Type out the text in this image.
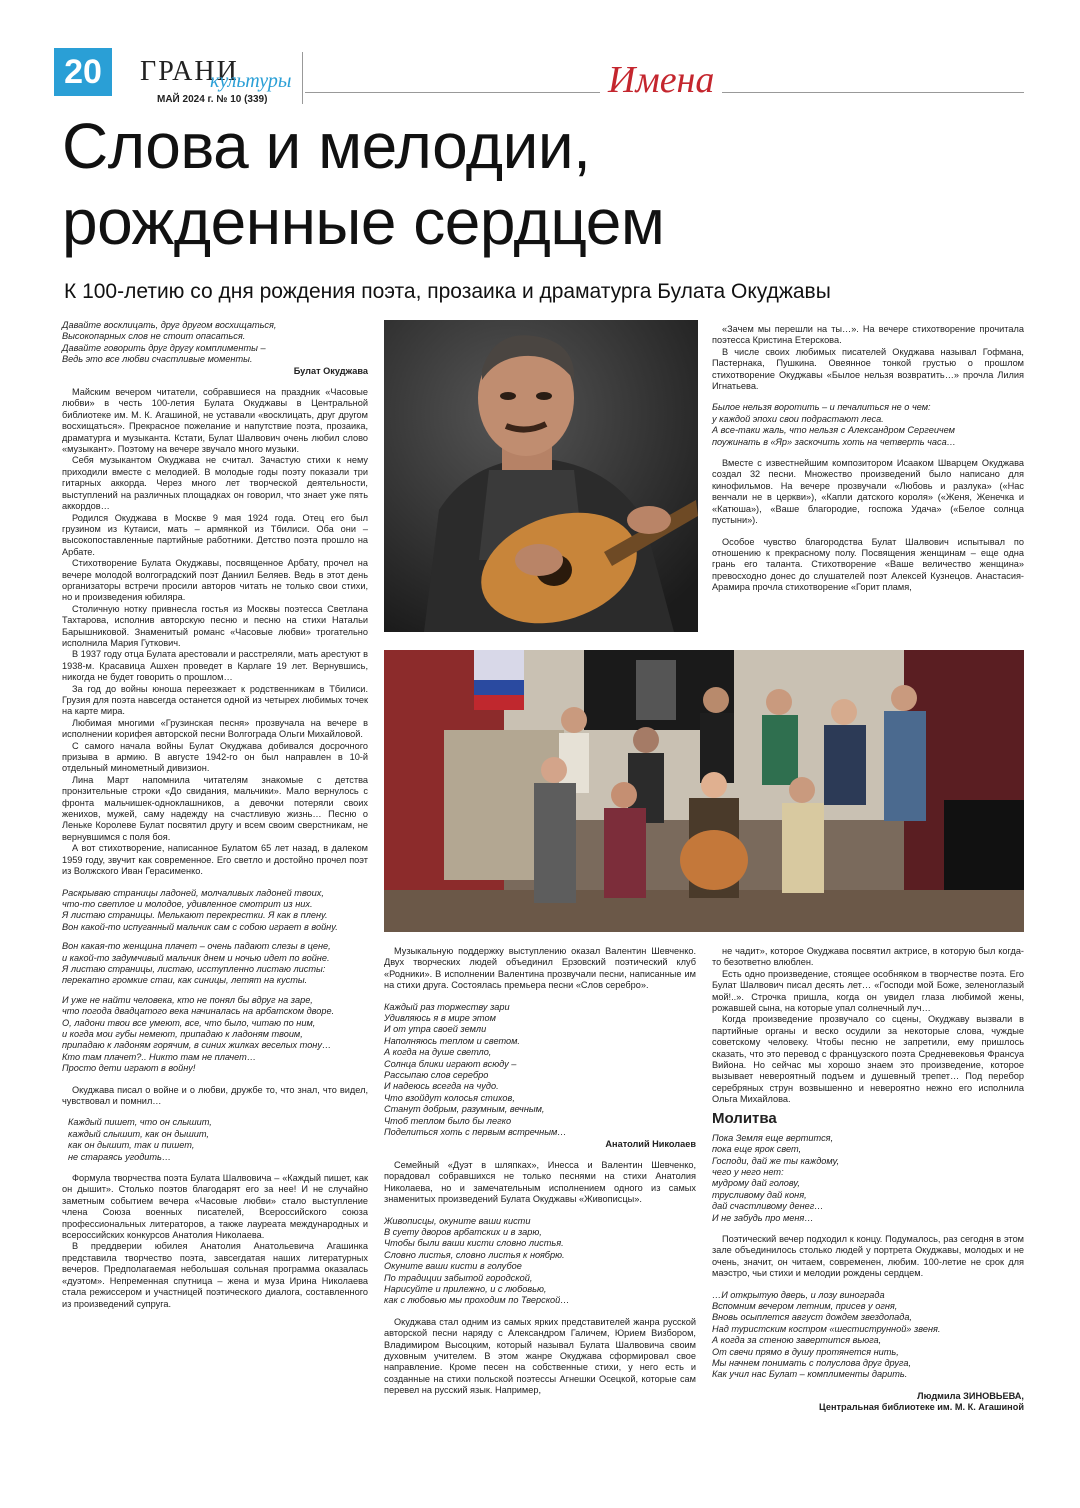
20	ГРАНИ
культуры
МАЙ 2024 г. № 10 (339)	Имена
Слова и мелодии,
рожденные сердцем
К 100-летию со дня рождения поэта, прозаика и драматурга Булата Окуджавы

Давайте восклицать, друг другом восхищаться,

Высокопарных слов не стоит опасаться.

Давайте говорить друг другу комплименты –

Ведь это все любви счастливые моменты.

Булат Окуджава

Майским вечером читатели, собравшиеся на праздник «Часовые любви» в честь 100-летия Булата Окуджавы в Центральной библиотеке им. М. К. Агашиной, не уставали «восклицать, друг другом восхищаться». Прекрасное пожелание и напутствие поэта, прозаика, драматурга и музыканта. Кстати, Булат Шалвович очень любил слово «музыкант». Поэтому на вечере звучало много музыки.

Себя музыкантом Окуджава не считал. Зачастую стихи к нему приходили вместе с мелодией. В молодые годы поэту показали три гитарных аккорда. Через много лет творческой деятельности, выступлений на различных площадках он говорил, что знает уже пять аккордов…

Родился Окуджава в Москве 9 мая 1924 года. Отец его был грузином из Кутаиси, мать – армянкой из Тбилиси. Оба они – высокопоставленные партийные работники. Детство поэта прошло на Арбате.

Стихотворение Булата Окуджавы, посвященное Арбату, прочел на вечере молодой волгоградский поэт Даниил Беляев. Ведь в этот день организаторы встречи просили авторов читать не только свои стихи, но и произведения юбиляра.

Столичную нотку привнесла гостья из Москвы поэтесса Светлана Тахтарова, исполнив авторскую песню и песню на стихи Натальи Барышниковой. Знаменитый романс «Часовые любви» трогательно исполнила Мария Гуткович.

В 1937 году отца Булата арестовали и расстреляли, мать арестуют в 1938-м. Красавица Ашхен проведет в Карлаге 19 лет. Вернувшись, никогда не будет говорить о прошлом…

За год до войны юноша переезжает к родственникам в Тбилиси. Грузия для поэта навсегда останется одной из четырех любимых точек на карте мира.

Любимая многими «Грузинская песня» прозвучала на вечере в исполнении корифея авторской песни Волгограда Ольги Михайловой.

С самого начала войны Булат Окуджава добивался досрочного призыва в армию. В августе 1942-го он был направлен в 10-й отдельный минометный дивизион.

Лина Март напомнила читателям знакомые с детства пронзительные строки «До свидания, мальчики». Мало вернулось с фронта мальчишек-одноклашников, а девочки потеряли своих женихов, мужей, саму надежду на счастливую жизнь… Песню о Леньке Королеве Булат посвятил другу и всем своим сверстникам, не вернувшимся с поля боя.

А вот стихотворение, написанное Булатом 65 лет назад, в далеком 1959 году, звучит как современное. Его светло и достойно прочел поэт из Волжского Иван Герасименко.

Раскрываю страницы ладоней, молчаливых ладоней твоих,

что-то светлое и молодое, удивленное смотрит из них.

Я листаю страницы. Мелькают перекрестки. Я как в плену.

Вон какой-то испуганный мальчик сам с собою играет в войну.

Вон какая-то женщина плачет – очень падают слезы в цене,

и какой-то задумчивый мальчик днем и ночью идет по войне.

Я листаю страницы, листаю, исступленно листаю листы:

перекатно громкие стаи, как синицы, летят на кусты.

И уже не найти человека, кто не понял бы вдруг на заре,

что погода двадцатого века начиналась на арбатском дворе.

О, ладони твои все умеют, все, что было, читаю по ним,

и когда мои губы немеют, припадаю к ладоням твоим,

припадаю к ладоням горячим, в синих жилках веселых тону…

Кто там плачет?.. Никто там не плачет…

Просто дети играют в войну!

Окуджава писал о войне и о любви, дружбе то, что знал, что видел, чувствовал и помнил…

Каждый пишет, что он слышит,

каждый слышит, как он дышит,

как он дышит, так и пишет,

не стараясь угодить…

Формула творчества поэта Булата Шалвовича – «Каждый пишет, как он дышит». Столько поэтов благодарят его за нее! И не случайно заметным событием вечера «Часовые любви» стало выступление члена Союза военных писателей, Всероссийского союза профессиональных литераторов, а также лауреата международных и всероссийских конкурсов Анатолия Николаева.

В преддверии юбилея Анатолия Анатольевича Агашинка представила творчество поэта, завсегдатая наших литературных вечеров. Предполагаемая небольшая сольная программа оказалась «дуэтом». Непременная спутница – жена и муза Ирина Николаева стала режиссером и участницей поэтического диалога, составленного из произведений супруга.

«Зачем мы перешли на ты…». На вечере стихотворение прочитала поэтесса Кристина Етерскова.

В числе своих любимых писателей Окуджава называл Гофмана, Пастернака, Пушкина. Овеянное тонкой грустью о прошлом стихотворение Окуджавы «Былое нельзя возвратить…» прочла Лилия Игнатьева.

Былое нельзя воротить – и печалиться не о чем:

у каждой эпохи свои подрастают леса.

А все-таки жаль, что нельзя с Александром Сергеичем

поужинать в «Яр» заскочить хоть на четверть часа…

Вместе с известнейшим композитором Исааком Шварцем Окуджава создал 32 песни. Множество произведений было написано для кинофильмов. На вечере прозвучали «Любовь и разлука» («Нас венчали не в церкви»), «Капли датского короля» («Женя, Женечка и «Катюша»), «Ваше благородие, госпожа Удача» («Белое солнца пустыни»).

Особое чувство благородства Булат Шалвович испытывал по отношению к прекрасному полу. Посвящения женщинам – еще одна грань его таланта. Стихотворение «Ваше величество женщина» превосходно донес до слушателей поэт Алексей Кузнецов. Анастасия-Арамира прочла стихотворение «Горит пламя,

Музыкальную поддержку выступлению оказал Валентин Шевченко. Двух творческих людей объединил Ерзовский поэтический клуб «Родники». В исполнении Валентина прозвучали песни, написанные им на стихи друга. Состоялась премьера песни «Слов серебро».

Каждый раз торжеству зари

Удивляюсь я в мире этом

И от утра своей земли

Наполняюсь теплом и светом.

А когда на душе светло,

Солнца блики играют всюду –

Рассыпаю слов серебро

И надеюсь всегда на чудо.

Что взойдут колосья стихов,

Станут добрым, разумным, вечным,

Чтоб теплом было бы легко

Поделиться хоть с первым встречным…

Анатолий Николаев

Семейный «Дуэт в шляпках», Инесса и Валентин Шевченко, порадовал собравшихся не только песнями на стихи Анатолия Николаева, но и замечательным исполнением одного из самых знаменитых произведений Булата Окуджавы «Живописцы».

Живописцы, окуните ваши кисти

В суету дворов арбатских и в зарю,

Чтобы были ваши кисти словно листья.

Словно листья, словно листья к ноябрю.

Окуните ваши кисти в голубое

По традиции забытой городской,

Нарисуйте и прилежно, и с любовью,

как с любовью мы проходим по Тверской…

Окуджава стал одним из самых ярких представителей жанра русской авторской песни наряду с Александром Галичем, Юрием Визбором, Владимиром Высоцким, который называл Булата Шалвовича своим духовным учителем. В этом жанре Окуджава сформировал свое направление. Кроме песен на собственные стихи, у него есть и созданные на стихи польской поэтессы Агнешки Осецкой, которые сам перевел на русский язык. Например,

не чадит», которое Окуджава посвятил актрисе, в которую был когда-то безответно влюблен.

Есть одно произведение, стоящее особняком в творчестве поэта. Его Булат Шалвович писал десять лет… «Господи мой Боже, зеленоглазый мой!..». Строчка пришла, когда он увидел глаза любимой жены, рожавшей сына, на которые упал солнечный луч…

Когда произведение прозвучало со сцены, Окуджаву вызвали в партийные органы и веско осудили за некоторые слова, чуждые советскому человеку. Чтобы песню не запретили, ему пришлось сказать, что это перевод с французского поэта Средневековья Франсуа Вийона. Но сейчас мы хорошо знаем это произведение, которое вызывает невероятный подъем и душевный трепет… Под перебор серебряных струн возвышенно и невероятно нежно его исполнила Ольга Михайлова.

Молитва

Пока Земля еще вертится,

пока еще ярок свет,

Господи, дай же ты каждому,

чего у него нет:

мудрому дай голову,

трусливому дай коня,

дай счастливому денег…

И не забудь про меня…

Поэтический вечер подходил к концу. Подумалось, раз сегодня в этом зале объединилось столько людей у портрета Окуджавы, молодых и не очень, значит, он читаем, современен, любим. 100-летие не срок для маэстро, чьи стихи и мелодии рождены сердцем.

…И открытую дверь, и лозу винограда

Вспомним вечером летним, присев у огня,

Вновь осыплется август дождем звездопада,

Над туристским костром «шестиструнной» звеня.

А когда за стеною завертится вьюга,

От свечи прямо в душу протянется нить,

Мы начнем понимать с полуслова друг друга,

Как учил нас Булат – комплименты дарить.

Людмила ЗИНОВЬЕВА,

Центральная библиотеке им. М. К. Агашиной
